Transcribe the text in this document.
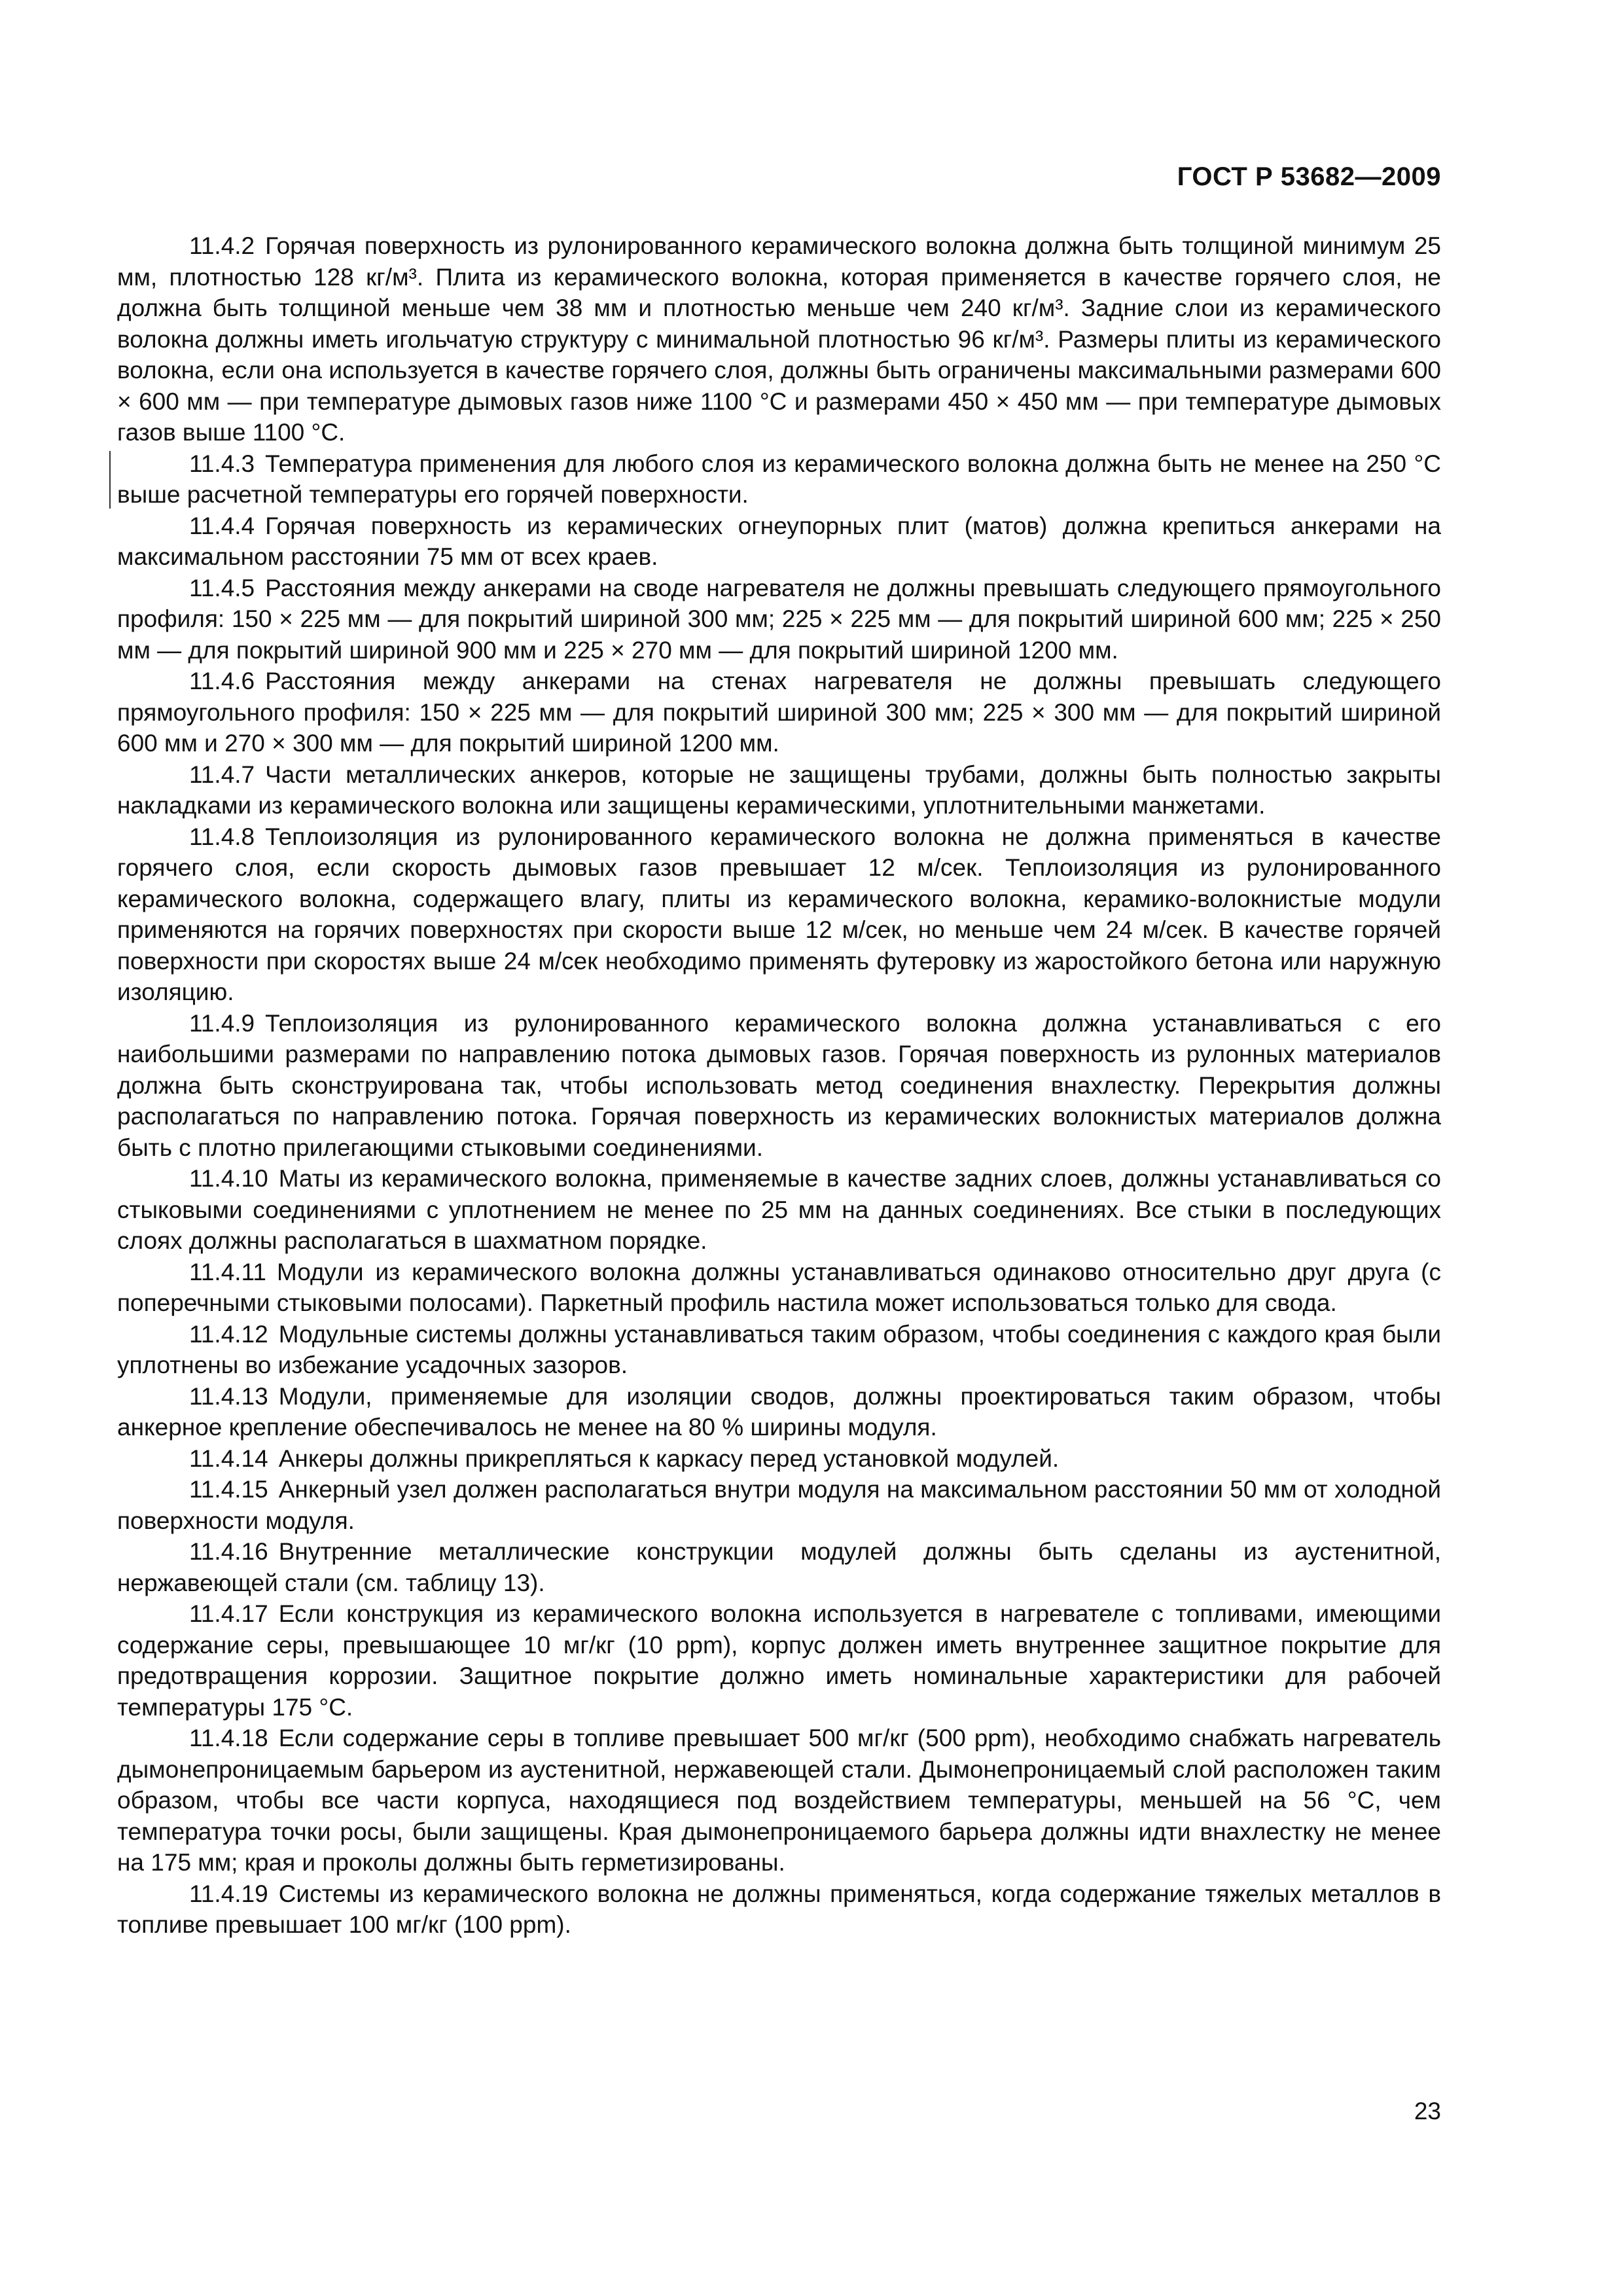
ГОСТ Р 53682—2009

11.4.2 Горячая поверхность из рулонированного керамического волокна должна быть толщиной минимум 25 мм, плотностью 128 кг/м³. Плита из керамического волокна, которая применяется в качестве горячего слоя, не должна быть толщиной меньше чем 38 мм и плотностью меньше чем 240 кг/м³. Задние слои из керамического волокна должны иметь игольчатую структуру с минимальной плотностью 96 кг/м³. Размеры плиты из керамического волокна, если она используется в качестве горячего слоя, должны быть ограничены максимальными размерами 600 × 600 мм — при температуре дымовых газов ниже 1100 °С и размерами 450 × 450 мм — при температуре дымовых газов выше 1100 °С.

11.4.3 Температура применения для любого слоя из керамического волокна должна быть не менее на 250 °С выше расчетной температуры его горячей поверхности.

11.4.4 Горячая поверхность из керамических огнеупорных плит (матов) должна крепиться анкерами на максимальном расстоянии 75 мм от всех краев.

11.4.5 Расстояния между анкерами на своде нагревателя не должны превышать следующего прямоугольного профиля: 150 × 225 мм — для покрытий шириной 300 мм; 225 × 225 мм — для покрытий шириной 600 мм; 225 × 250 мм — для покрытий шириной 900 мм и 225 × 270 мм — для покрытий шириной 1200 мм.

11.4.6 Расстояния между анкерами на стенах нагревателя не должны превышать следующего прямоугольного профиля: 150 × 225 мм — для покрытий шириной 300 мм; 225 × 300 мм — для покрытий шириной 600 мм и 270 × 300 мм — для покрытий шириной 1200 мм.

11.4.7 Части металлических анкеров, которые не защищены трубами, должны быть полностью закрыты накладками из керамического волокна или защищены керамическими, уплотнительными манжетами.

11.4.8 Теплоизоляция из рулонированного керамического волокна не должна применяться в качестве горячего слоя, если скорость дымовых газов превышает 12 м/сек. Теплоизоляция из рулонированного керамического волокна, содержащего влагу, плиты из керамического волокна, керамико-волокнистые модули применяются на горячих поверхностях при скорости выше 12 м/сек, но меньше чем 24 м/сек. В качестве горячей поверхности при скоростях выше 24 м/сек необходимо применять футеровку из жаростойкого бетона или наружную изоляцию.

11.4.9 Теплоизоляция из рулонированного керамического волокна должна устанавливаться с его наибольшими размерами по направлению потока дымовых газов. Горячая поверхность из рулонных материалов должна быть сконструирована так, чтобы использовать метод соединения внахлестку. Перекрытия должны располагаться по направлению потока. Горячая поверхность из керамических волокнистых материалов должна быть с плотно прилегающими стыковыми соединениями.

11.4.10 Маты из керамического волокна, применяемые в качестве задних слоев, должны устанавливаться со стыковыми соединениями с уплотнением не менее по 25 мм на данных соединениях. Все стыки в последующих слоях должны располагаться в шахматном порядке.

11.4.11 Модули из керамического волокна должны устанавливаться одинаково относительно друг друга (с поперечными стыковыми полосами). Паркетный профиль настила может использоваться только для свода.

11.4.12 Модульные системы должны устанавливаться таким образом, чтобы соединения с каждого края были уплотнены во избежание усадочных зазоров.

11.4.13 Модули, применяемые для изоляции сводов, должны проектироваться таким образом, чтобы анкерное крепление обеспечивалось не менее на 80 % ширины модуля.

11.4.14 Анкеры должны прикрепляться к каркасу перед установкой модулей.

11.4.15 Анкерный узел должен располагаться внутри модуля на максимальном расстоянии 50 мм от холодной поверхности модуля.

11.4.16 Внутренние металлические конструкции модулей должны быть сделаны из аустенитной, нержавеющей стали (см. таблицу 13).

11.4.17 Если конструкция из керамического волокна используется в нагревателе с топливами, имеющими содержание серы, превышающее 10 мг/кг (10 ppm), корпус должен иметь внутреннее защитное покрытие для предотвращения коррозии. Защитное покрытие должно иметь номинальные характеристики для рабочей температуры 175 °С.

11.4.18 Если содержание серы в топливе превышает 500 мг/кг (500 ppm), необходимо снабжать нагреватель дымонепроницаемым барьером из аустенитной, нержавеющей стали. Дымонепроницаемый слой расположен таким образом, чтобы все части корпуса, находящиеся под воздействием температуры, меньшей на 56 °С, чем температура точки росы, были защищены. Края дымонепроницаемого барьера должны идти внахлестку не менее на 175 мм; края и проколы должны быть герметизированы.

11.4.19 Системы из керамического волокна не должны применяться, когда содержание тяжелых металлов в топливе превышает 100 мг/кг (100 ppm).

23
